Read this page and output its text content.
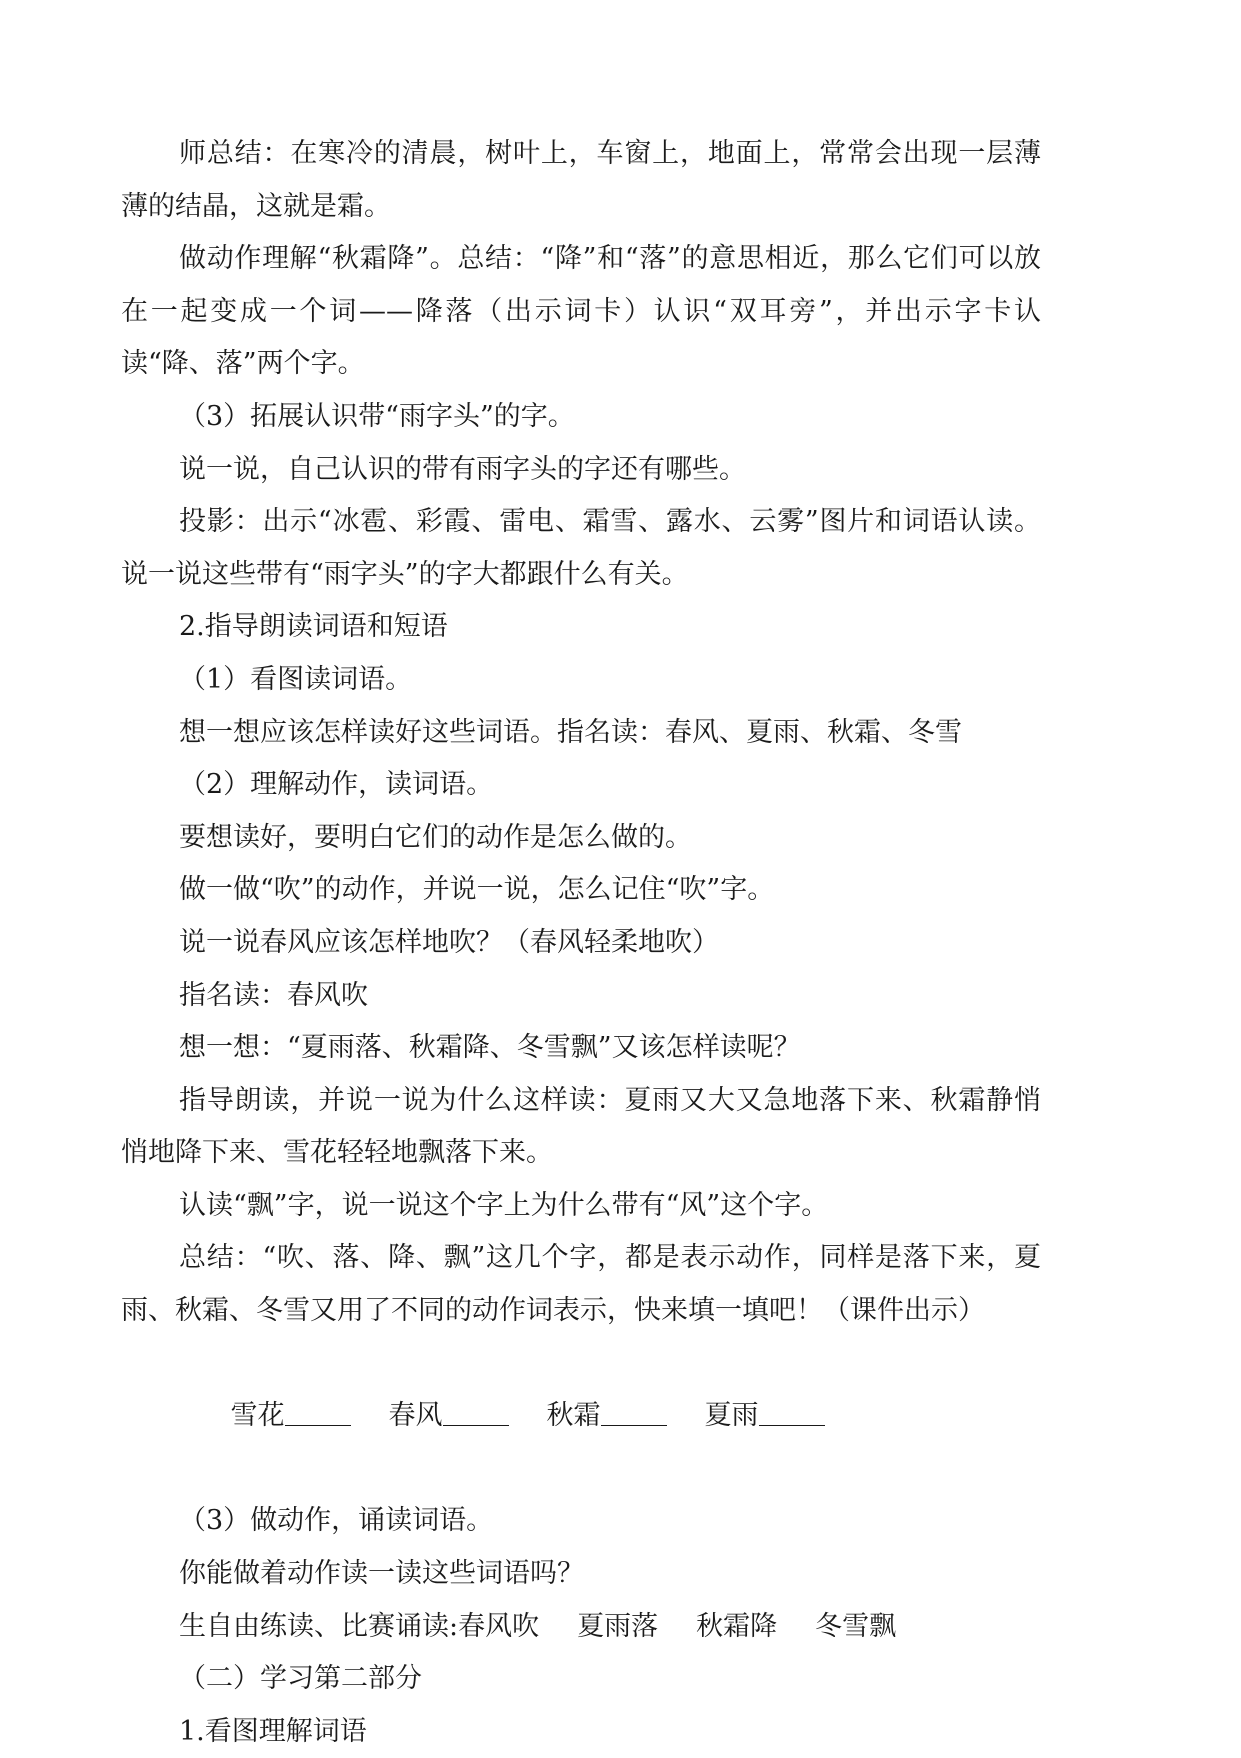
师总结：在寒冷的清晨，树叶上，车窗上，地面上，常常会出现一层薄薄的结晶，这就是霜。

做动作理解“秋霜降”。总结：“降”和“落”的意思相近，那么它们可以放在一起变成一个词——降落（出示词卡）认识“双耳旁”，并出示字卡认读“降、落”两个字。

（3）拓展认识带“雨字头”的字。

说一说，自己认识的带有雨字头的字还有哪些。

投影：出示“冰雹、彩霞、雷电、霜雪、露水、云雾”图片和词语认读。说一说这些带有“雨字头”的字大都跟什么有关。

2.指导朗读词语和短语

（1）看图读词语。

想一想应该怎样读好这些词语。指名读：春风、夏雨、秋霜、冬雪

（2）理解动作，读词语。

要想读好，要明白它们的动作是怎么做的。

做一做“吹”的动作，并说一说，怎么记住“吹”字。

说一说春风应该怎样地吹？（春风轻柔地吹）

指名读：春风吹

想一想：“夏雨落、秋霜降、冬雪飘”又该怎样读呢？

指导朗读，并说一说为什么这样读：夏雨又大又急地落下来、秋霜静悄悄地降下来、雪花轻轻地飘落下来。

认读“飘”字，说一说这个字上为什么带有“风”这个字。

总结：“吹、落、降、飘”这几个字，都是表示动作，同样是落下来，夏雨、秋霜、冬雪又用了不同的动作词表示，快来填一填吧！（课件出示）

雪花	春风	秋霜	夏雨

（3）做动作，诵读词语。

你能做着动作读一读这些词语吗？

生自由练读、比赛诵读:春风吹 夏雨落 秋霜降 冬雪飘

（二）学习第二部分

1.看图理解词语
